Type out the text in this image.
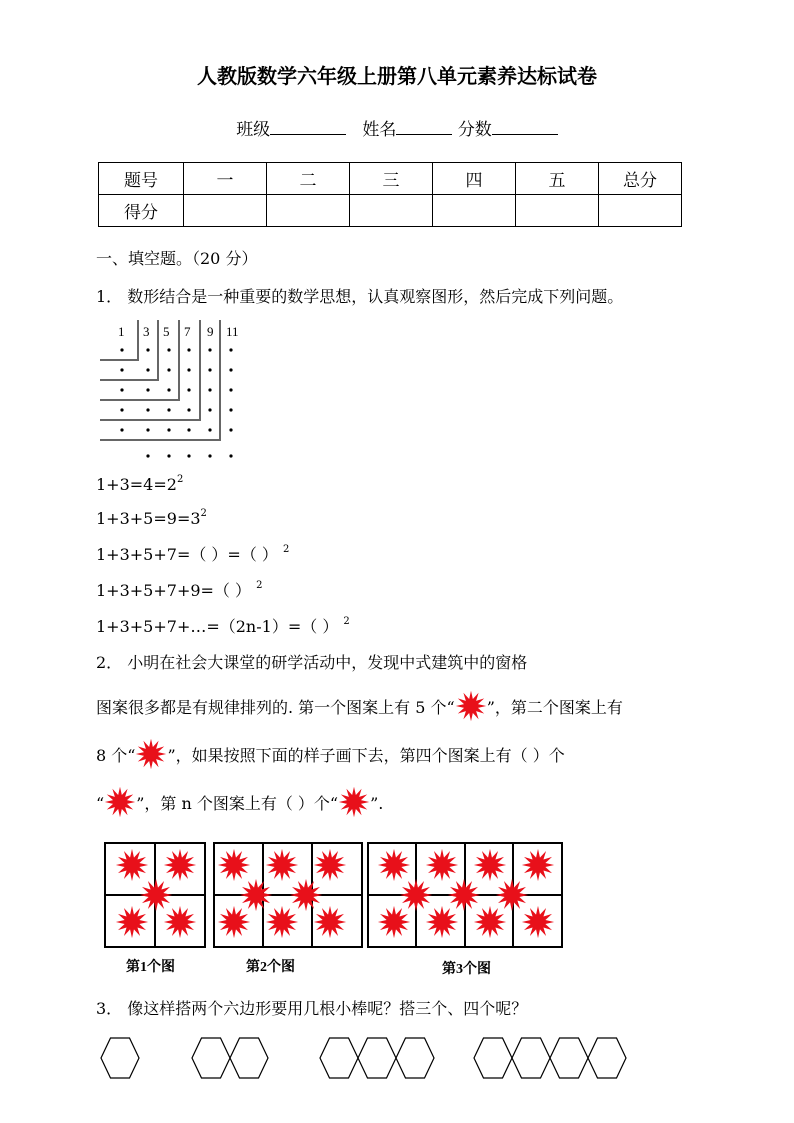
人教版数学六年级上册第八单元素养达标试卷
班级	姓名	分数
题号	一	二	三	四	五	总分
得分						
一、填空题。（20 分）
1． 数形结合是一种重要的数学思想，认真观察图形，然后完成下列问题。
1 3 5 7 9 11
$1+3=4=2^2$
$1+3+5=9=3^2$
1+3+5+7=（ ）=（ ） $^2$
1+3+5+7+9=（ ） $^2$
1+3+5+7+…=（2n-1）=（ ） $^2$
2． 小明在社会大课堂的研学活动中，发现中式建筑中的窗格
图案很多都是有规律排列的. 第一个图案上有 5 个“ ”，第二个图案上有
8 个“ ”，如果按照下面的样子画下去，第四个图案上有（ ）个
“ ”，第 n 个图案上有（ ）个“ ”.
第1个图	第2个图	第3个图
3． 像这样搭两个六边形要用几根小棒呢？搭三个、四个呢？
